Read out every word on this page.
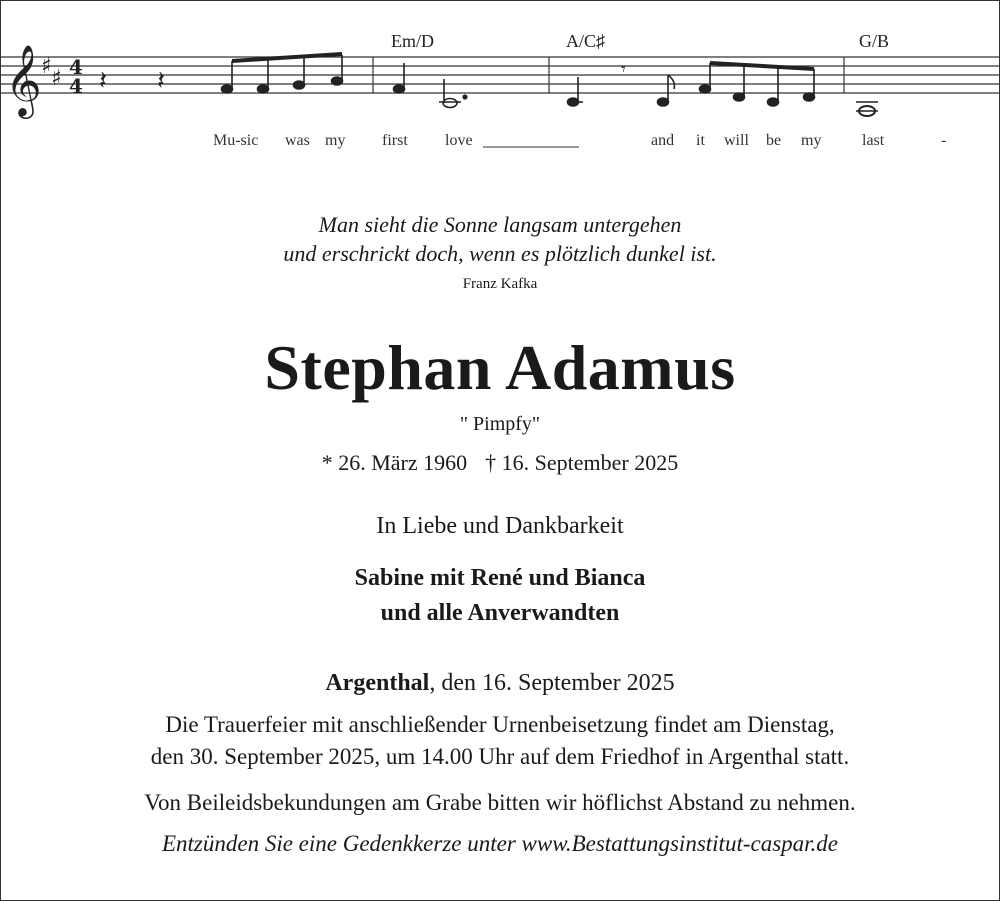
𝄞 ♯ ♯ 4
4 𝄽 𝄽	𝄾
Em/D	A/C♯	G/B
Mu-sic was my first love	and it will be my	last	-
Man sieht die Sonne langsam untergehen
und erschrickt doch, wenn es plötzlich dunkel ist.
Franz Kafka
Stephan Adamus
" Pimpfy"
* 26. März 1960 † 16. September 2025
In Liebe und Dankbarkeit
Sabine mit René und Bianca
und alle Anverwandten
Argenthal, den 16. September 2025
Die Trauerfeier mit anschließender Urnenbeisetzung findet am Dienstag,
den 30. September 2025, um 14.00 Uhr auf dem Friedhof in Argenthal statt.
Von Beileidsbekundungen am Grabe bitten wir höflichst Abstand zu nehmen.
Entzünden Sie eine Gedenkkerze unter www.Bestattungsinstitut-caspar.de
